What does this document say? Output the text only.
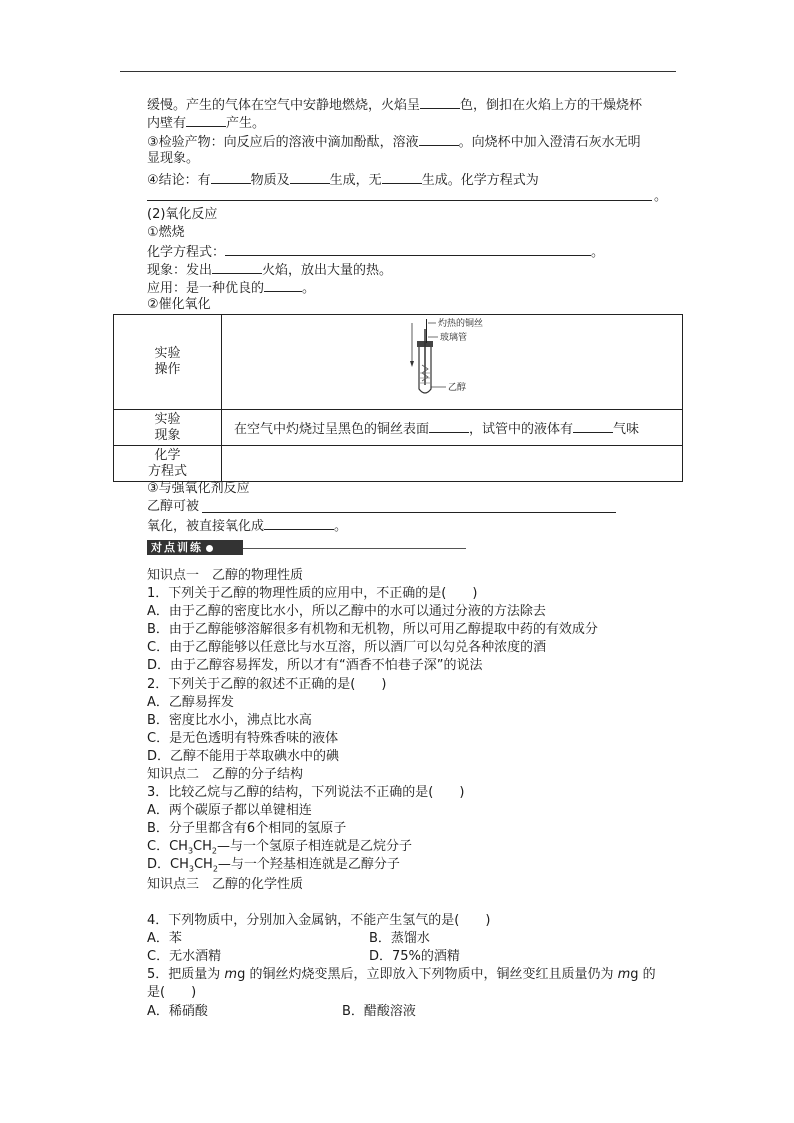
缓慢。产生的气体在空气中安静地燃烧，火焰呈	色，倒扣在火焰上方的干燥烧杯
内壁有	产生。
③检验产物：向反应后的溶液中滴加酚酞，溶液	。向烧杯中加入澄清石灰水无明
显现象。
④结论：有	物质及	生成，无	生成。化学方程式为
。
(2)氧化反应
①燃烧
化学方程式：	。
现象：发出	火焰，放出大量的热。
应用：是一种优良的	。
②催化氧化
实验
操作	灼热的铜丝
玻璃管
乙醇

实验
现象	在空气中灼烧过呈黑色的铜丝表面 ，试管中的液体有 气味
化学
方程式	
③与强氧化剂反应
乙醇可被
氧化，被直接氧化成	。
对点训练
知识点一　乙醇的物理性质
1．下列关于乙醇的物理性质的应用中，不正确的是(　　)
A．由于乙醇的密度比水小，所以乙醇中的水可以通过分液的方法除去
B．由于乙醇能够溶解很多有机物和无机物，所以可用乙醇提取中药的有效成分
C．由于乙醇能够以任意比与水互溶，所以酒厂可以勾兑各种浓度的酒
D．由于乙醇容易挥发，所以才有“酒香不怕巷子深”的说法
2．下列关于乙醇的叙述不正确的是(　　)
A．乙醇易挥发
B．密度比水小，沸点比水高
C．是无色透明有特殊香味的液体
D．乙醇不能用于萃取碘水中的碘
知识点二　乙醇的分子结构
3．比较乙烷与乙醇的结构，下列说法不正确的是(　　)
A．两个碳原子都以单键相连
B．分子里都含有6个相同的氢原子
C．$CH_3CH_2—$与一个氢原子相连就是乙烷分子
D．$CH_3CH_2—$与一个羟基相连就是乙醇分子
知识点三　乙醇的化学性质
4．下列物质中，分别加入金属钠，不能产生氢气的是(　　)
A．苯	B．蒸馏水
C．无水酒精	D．75%的酒精
5．把质量为 mg 的铜丝灼烧变黑后，立即放入下列物质中，铜丝变红且质量仍为 mg 的
是(　　)
A．稀硝酸	B．醋酸溶液
